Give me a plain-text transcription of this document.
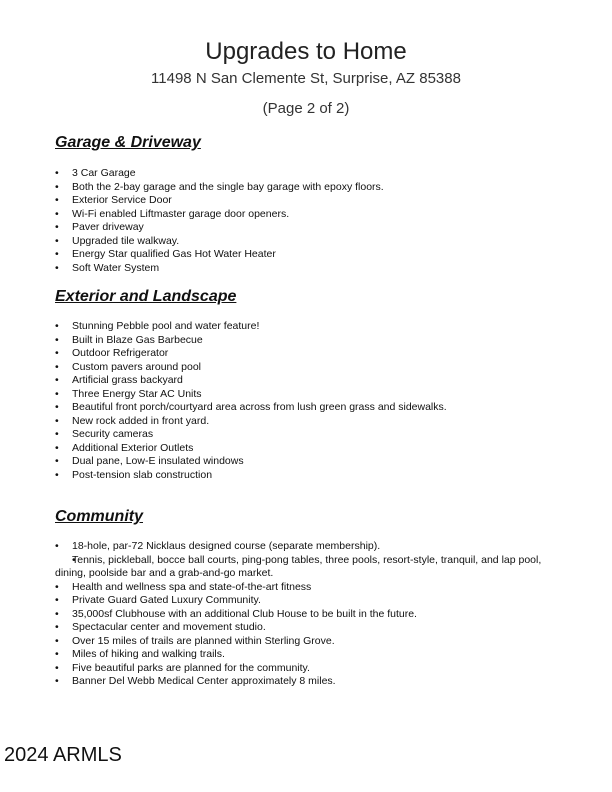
Upgrades to Home
11498 N San Clemente St, Surprise, AZ 85388
(Page 2 of 2)
Garage & Driveway
• 3 Car Garage
• Both the 2-bay garage and the single bay garage with epoxy floors.
• Exterior Service Door
• Wi-Fi enabled Liftmaster garage door openers.
• Paver driveway
• Upgraded tile walkway.
• Energy Star qualified Gas Hot Water Heater
• Soft Water System
Exterior and Landscape
• Stunning Pebble pool and water feature!
• Built in Blaze Gas Barbecue
• Outdoor Refrigerator
• Custom pavers around pool
• Artificial grass backyard
• Three Energy Star AC Units
• Beautiful front porch/courtyard area across from lush green grass and sidewalks.
• New rock added in front yard.
• Security cameras
• Additional Exterior Outlets
• Dual pane, Low-E insulated windows
• Post-tension slab construction
Community
• 18-hole, par-72 Nicklaus designed course (separate membership).
• Tennis, pickleball, bocce ball courts, ping-pong tables, three pools, resort-style, tranquil, and lap pool, dining, poolside bar and a grab-and-go market.
• Health and wellness spa and state-of-the-art fitness
• Private Guard Gated Luxury Community.
• 35,000sf Clubhouse with an additional Club House to be built in the future.
• Spectacular center and movement studio.
• Over 15 miles of trails are planned within Sterling Grove.
• Miles of hiking and walking trails.
• Five beautiful parks are planned for the community.
• Banner Del Webb Medical Center approximately 8 miles.
2024 ARMLS
